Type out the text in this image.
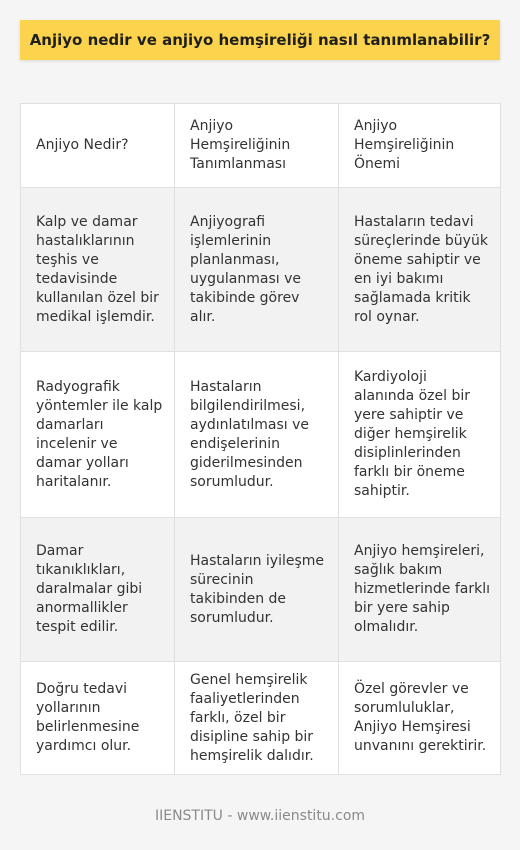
Anjiyo nedir ve anjiyo hemşireliği nasıl tanımlanabilir?
Anjiyo Nedir?	Anjiyo Hemşireliğinin Tanımlanması	Anjiyo Hemşireliğinin Önemi
Kalp ve damar hastalıklarının teşhis ve tedavisinde kullanılan özel bir medikal işlemdir.	Anjiyografi işlemlerinin planlanması, uygulanması ve takibinde görev alır.	Hastaların tedavi süreçlerinde büyük öneme sahiptir ve en iyi bakımı sağlamada kritik rol oynar.
Radyografik yöntemler ile kalp damarları incelenir ve damar yolları haritalanır.	Hastaların bilgilendirilmesi, aydınlatılması ve endişelerinin giderilmesinden sorumludur.	Kardiyoloji alanında özel bir yere sahiptir ve diğer hemşirelik disiplinlerinden farklı bir öneme sahiptir.
Damar tıkanıklıkları, daralmalar gibi anormallikler tespit edilir.	Hastaların iyileşme sürecinin takibinden de sorumludur.	Anjiyo hemşireleri, sağlık bakım hizmetlerinde farklı bir yere sahip olmalıdır.
Doğru tedavi yollarının belirlenmesine yardımcı olur.	Genel hemşirelik faaliyetlerinden farklı, özel bir disipline sahip bir hemşirelik dalıdır.	Özel görevler ve sorumluluklar, Anjiyo Hemşiresi unvanını gerektirir.
IIENSTITU - www.iienstitu.com
